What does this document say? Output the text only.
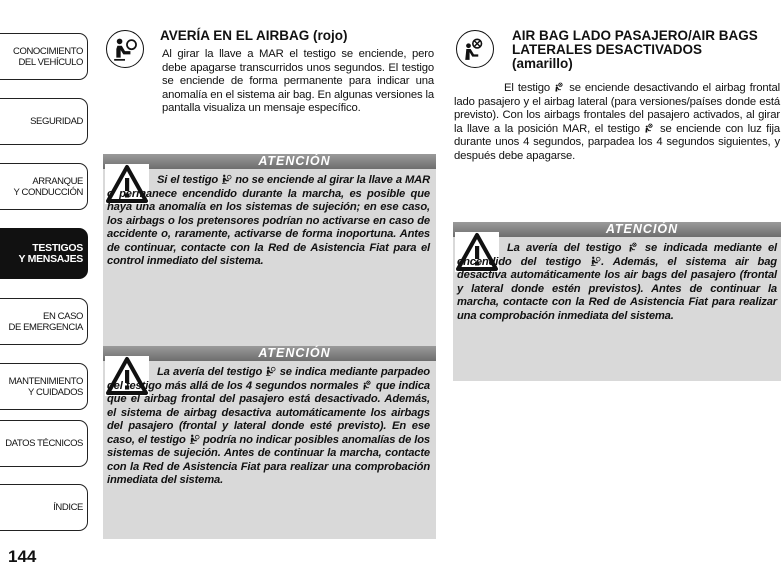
CONOCIMIENTO
DEL VEHÍCULO
SEGURIDAD
ARRANQUE
Y CONDUCCIÓN
TESTIGOS
Y MENSAJES
EN CASO
DE EMERGENCIA
MANTENIMIENTO
Y CUIDADOS
DATOS TÉCNICOS
ÍNDICE
144
AVERÍA EN EL AIRBAG (rojo)

Al girar la llave a MAR el testigo se enciende, pero debe apagarse transcurridos unos segundos. El testigo se enciende de forma permanente para indicar una anomalía en el sistema air bag. En algunas versiones la pantalla visualiza un mensaje específico.

ATENCIÓN

Si el testigo no se enciende al girar la llave a MAR o permanece encendido durante la marcha, es posible que haya una anomalía en los sistemas de sujeción; en ese caso, los airbags o los pretensores podrían no activarse en caso de accidente o, raramente, activarse de forma inoportuna. Antes de continuar, contacte con la Red de Asistencia Fiat para el control inmediato del sistema.

ATENCIÓN

La avería del testigo se indica mediante parpadeo del testigo más allá de los 4 segundos normales que indica que el airbag frontal del pasajero está desactivado. Además, el sistema de airbag desactiva automáticamente los airbags del pasajero (frontal y lateral donde esté previsto). En ese caso, el testigo podría no indicar posibles anomalías de los sistemas de sujeción. Antes de continuar la marcha, contacte con la Red de Asistencia Fiat para realizar una comprobación inmediata del sistema.

AIR BAG LADO PASAJERO/AIR BAGS
LATERALES DESACTIVADOS
(amarillo)

El testigo se enciende desactivando el airbag frontal lado pasajero y el airbag lateral (para versiones/países donde está previsto). Con los airbags frontales del pasajero activados, al girar la llave a la posición MAR, el testigo se enciende con luz fija durante unos 4 segundos, parpadea los 4 segundos siguientes, y después debe apagarse.

ATENCIÓN

La avería del testigo se indicada mediante el encendido del testigo . Además, el sistema air bag desactiva automáticamente los air bags del pasajero (frontal y lateral donde estén previstos). Antes de continuar la marcha, contacte con la Red de Asistencia Fiat para realizar una comprobación inmediata del sistema.
